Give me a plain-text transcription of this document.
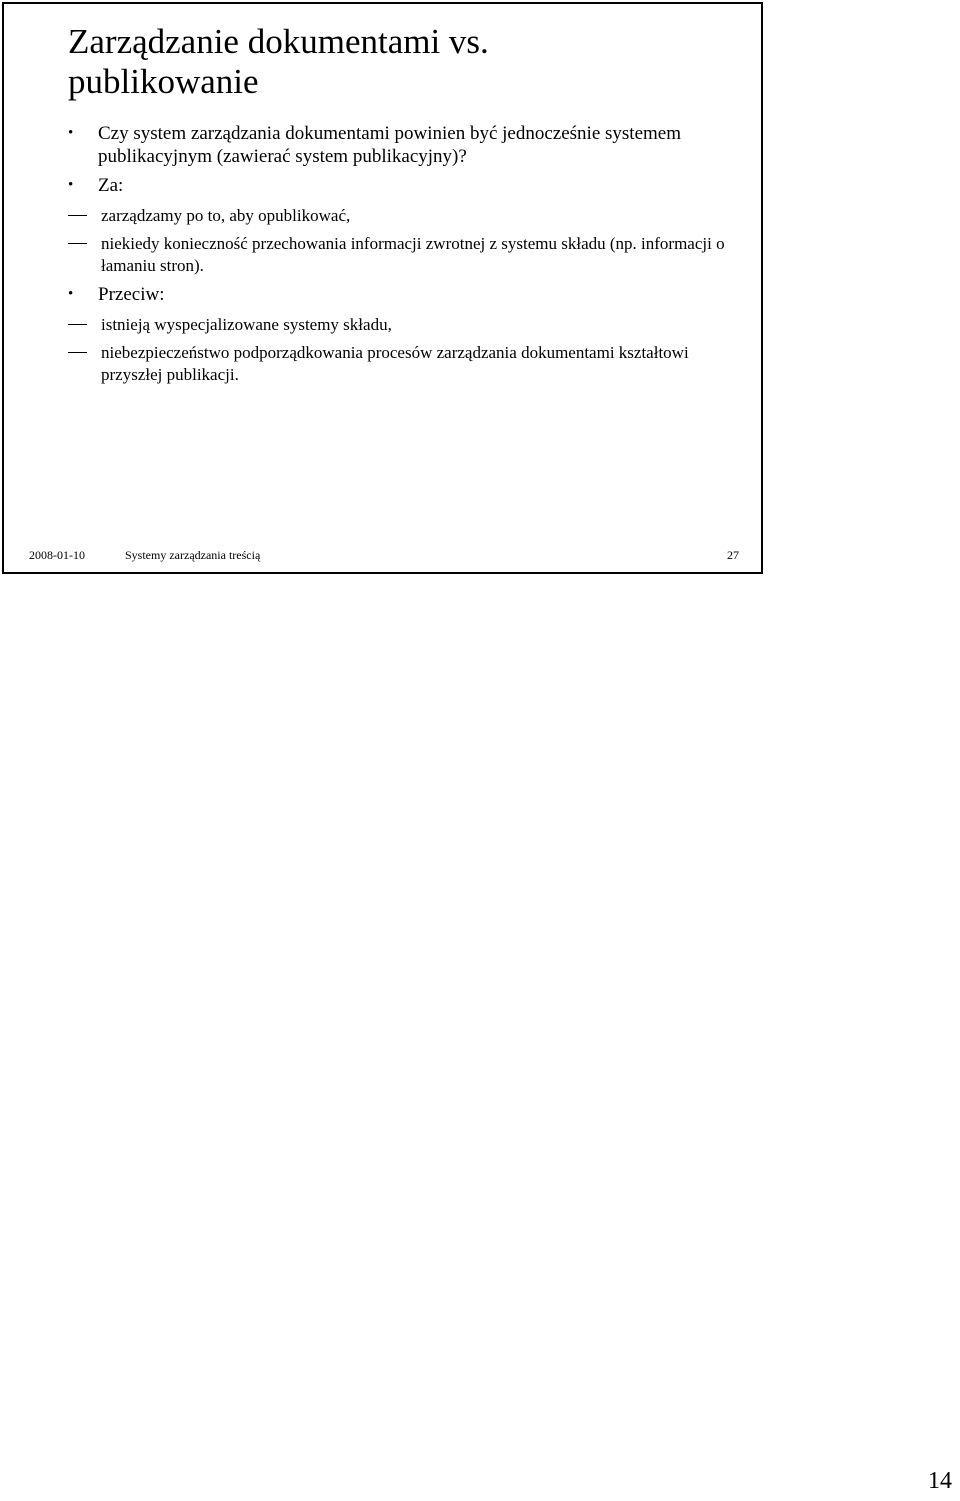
Zarządzanie dokumentami vs.
publikowanie
• Czy system zarządzania dokumentami powinien być jednocześnie systemem publikacyjnym (zawierać system publikacyjny)?
• Za:
zarządzamy po to, aby opublikować,
niekiedy konieczność przechowania informacji zwrotnej z systemu składu (np. informacji o łamaniu stron).
• Przeciw:
istnieją wyspecjalizowane systemy składu,
niebezpieczeństwo podporządkowania procesów zarządzania dokumentami kształtowi przyszłej publikacji.
2008-01-10	Systemy zarządzania treścią	27
14
